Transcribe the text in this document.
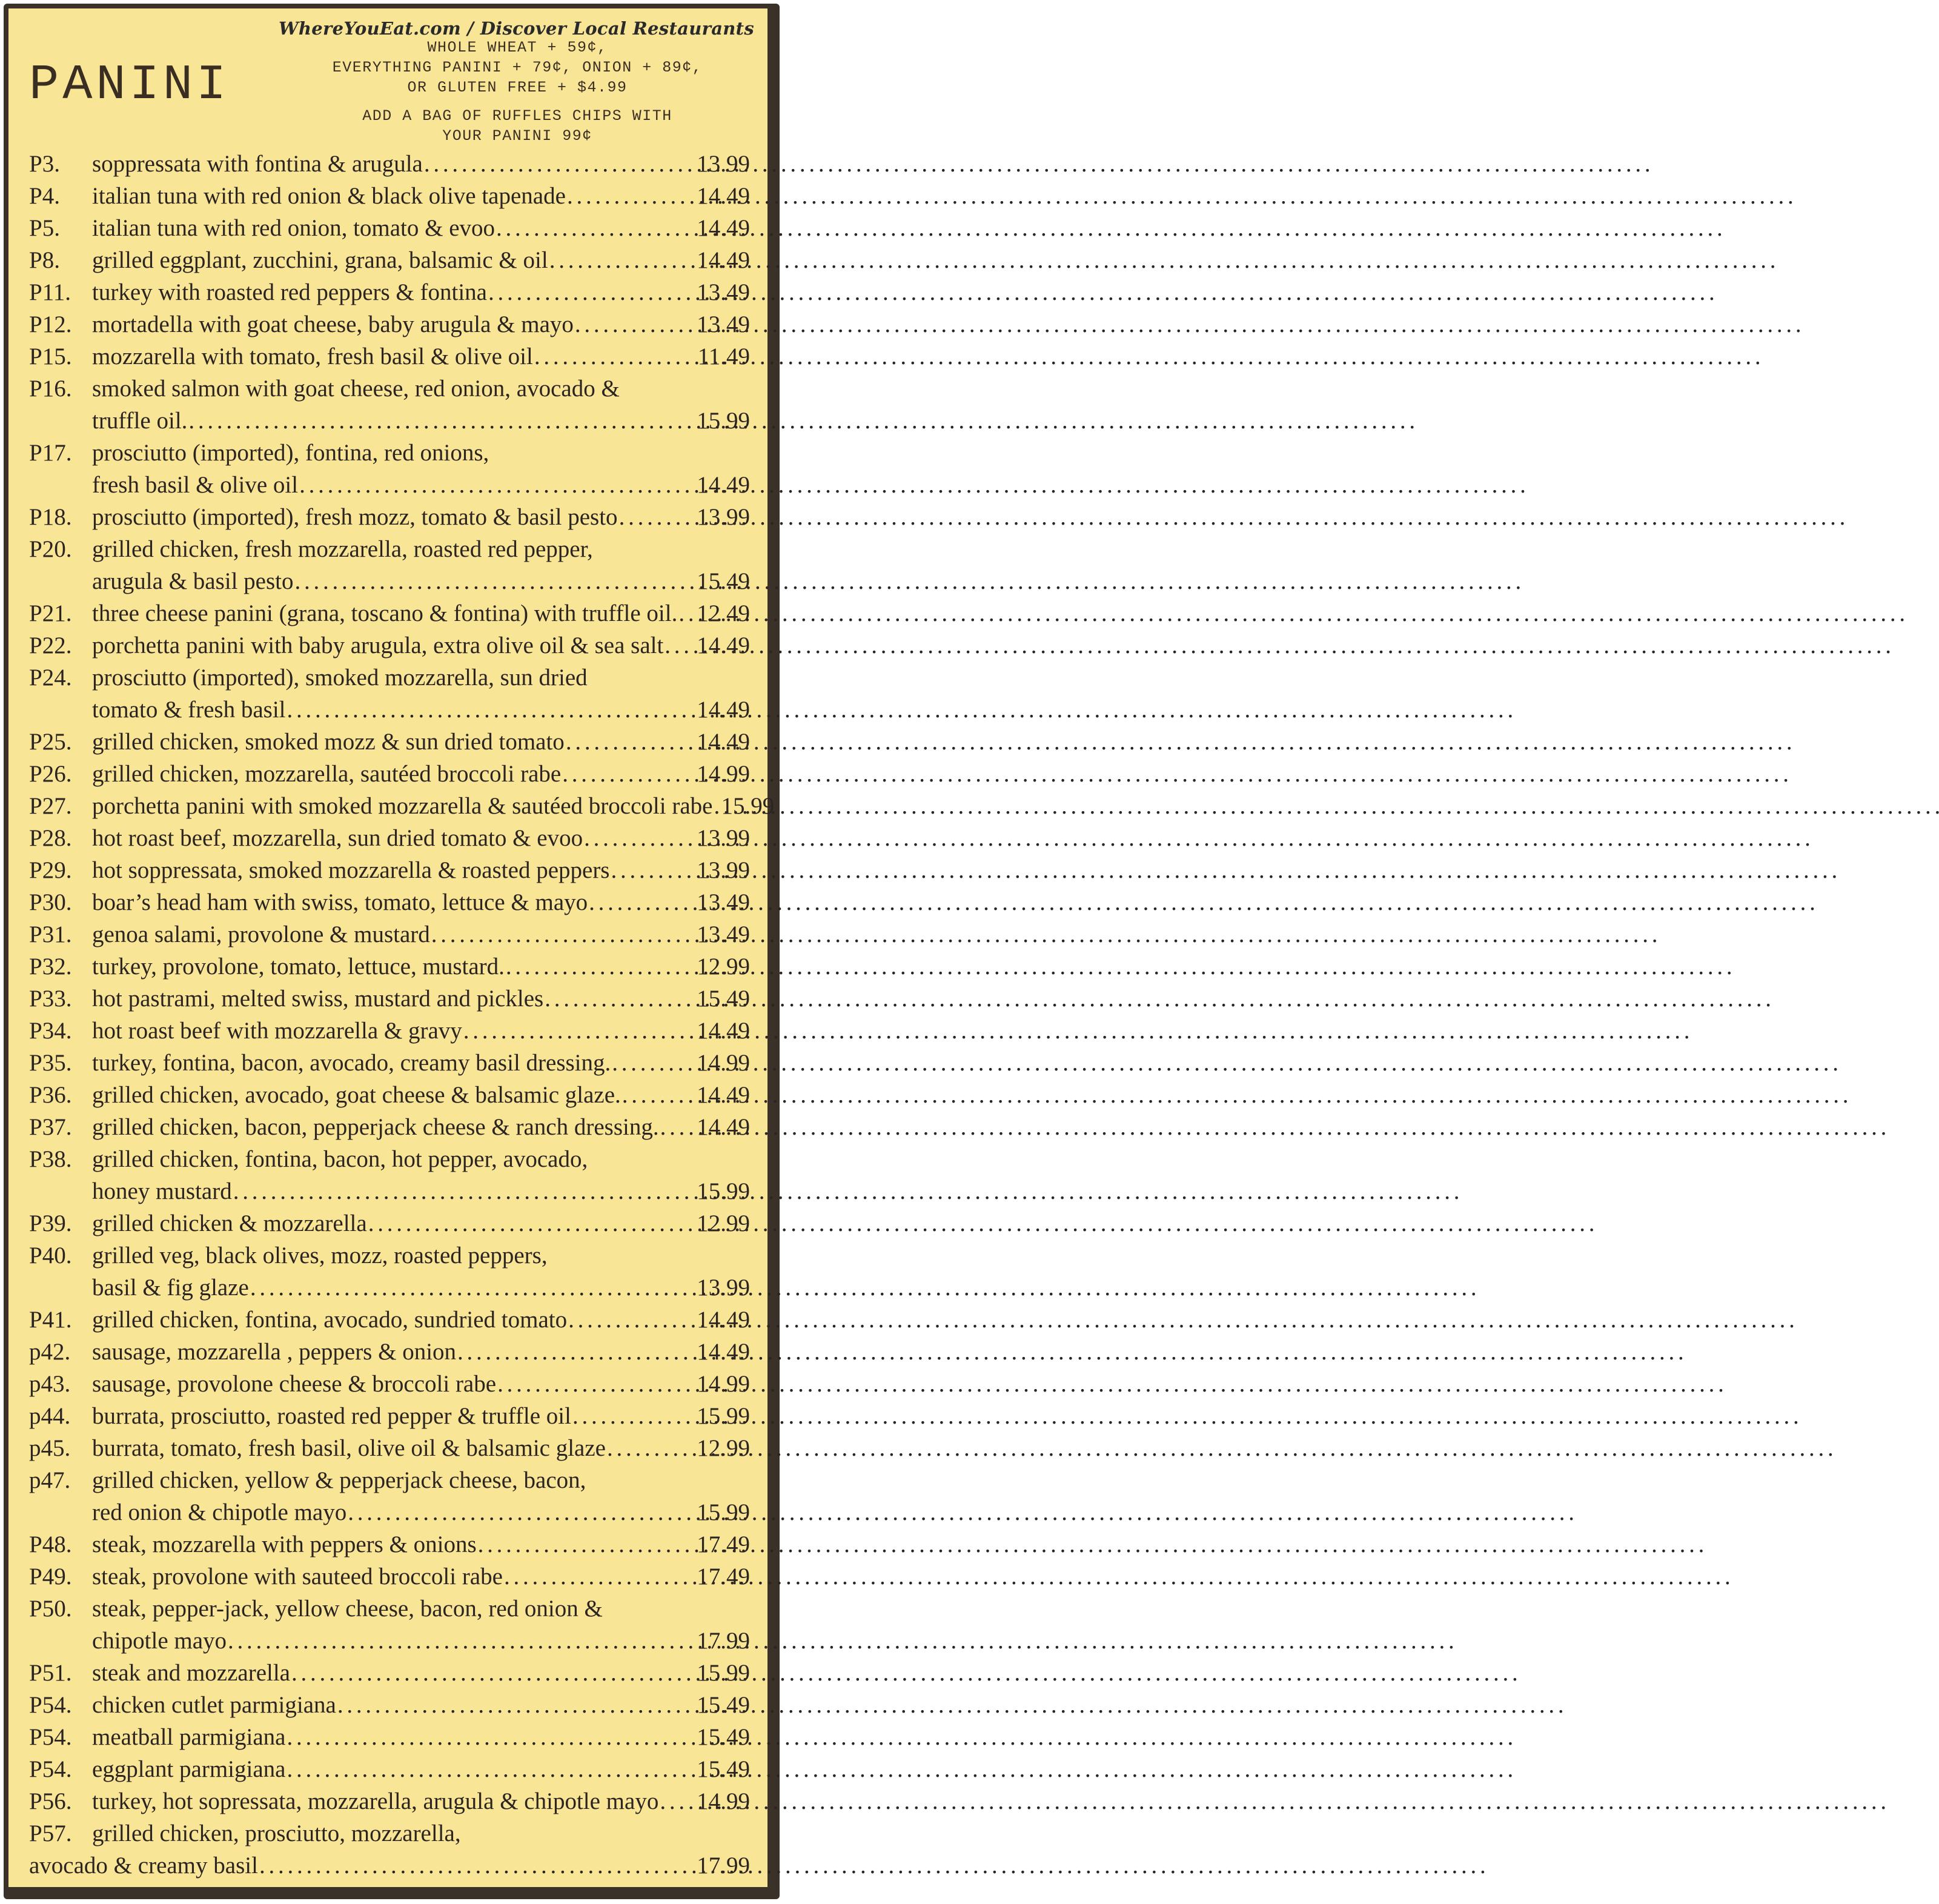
WhereYouEat.com / Discover Local Restaurants
PANINI
WHOLE WHEAT + 59¢,
EVERYTHING PANINI + 79¢, ONION + 89¢,
OR GLUTEN FREE + $4.99
ADD A BAG OF RUFFLES CHIPS WITH
YOUR PANINI 99¢
P3.	soppressata with fontina & arugula . . .	13.99
P4.	italian tuna with red onion & black olive tapenade . . .	14.49
P5.	italian tuna with red onion, tomato & evoo . . .	14.49
P8.	grilled eggplant, zucchini, grana, balsamic & oil . . .	14.49
P11. turkey with roasted red peppers & fontina . . .	13.49
P12. mortadella with goat cheese, baby arugula & mayo . . .	13.49
P15. mozzarella with tomato, fresh basil & olive oil . . .	11.49
P16. smoked salmon with goat cheese, red onion, avocado &
truffle oil. . . .	15.99
P17. prosciutto (imported), fontina, red onions,
fresh basil & olive oil . . .	14.49
P18. prosciutto (imported), fresh mozz, tomato & basil pesto . . .	13.99
P20. grilled chicken, fresh mozzarella, roasted red pepper,
arugula & basil pesto . . .	15.49
P21. three cheese panini (grana, toscano & fontina) with truffle oil. . . . 12.49
P22. porchetta panini with baby arugula, extra olive oil & sea salt . . . 14.49
P24. prosciutto (imported), smoked mozzarella, sun dried
tomato & fresh basil . . .	14.49
P25. grilled chicken, smoked mozz & sun dried tomato . . .	14.49
P26. grilled chicken, mozzarella, sautéed broccoli rabe . . .	14.99
P27. porchetta panini with smoked mozzarella & sautéed broccoli rabe . . . 15.99
P28. hot roast beef, mozzarella, sun dried tomato & evoo . . .	13.99
P29. hot soppressata, smoked mozzarella & roasted peppers . . .	13.99
P30. boar’s head ham with swiss, tomato, lettuce & mayo . . .	13.49
P31. genoa salami, provolone & mustard . . .	13.49
P32. turkey, provolone, tomato, lettuce, mustard. . . .	12.99
P33. hot pastrami, melted swiss, mustard and pickles . . .	15.49
P34. hot roast beef with mozzarella & gravy . . .	14.49
P35. turkey, fontina, bacon, avocado, creamy basil dressing. . . .	14.99
P36. grilled chicken, avocado, goat cheese & balsamic glaze. . . .	14.49
P37. grilled chicken, bacon, pepperjack cheese & ranch dressing. . . . 14.49
P38. grilled chicken, fontina, bacon, hot pepper, avocado,
honey mustard . . .	15.99
P39. grilled chicken & mozzarella . . .	12.99
P40. grilled veg, black olives, mozz, roasted peppers,
basil & fig glaze . . .	13.99
P41. grilled chicken, fontina, avocado, sundried tomato . . .	14.49
p42. sausage, mozzarella , peppers & onion . . .	14.49
p43. sausage, provolone cheese & broccoli rabe . . .	14.99
p44. burrata, prosciutto, roasted red pepper & truffle oil . . .	15.99
p45. burrata, tomato, fresh basil, olive oil & balsamic glaze . . .	12.99
p47. grilled chicken, yellow & pepperjack cheese, bacon,
red onion & chipotle mayo . . .	15.99
P48. steak, mozzarella with peppers & onions . . .	17.49
P49. steak, provolone with sauteed broccoli rabe . . .	17.49
P50. steak, pepper-jack, yellow cheese, bacon, red onion &
chipotle mayo . . .	17.99
P51. steak and mozzarella . . .	15.99
P54. chicken cutlet parmigiana . . .	15.49
P54. meatball parmigiana . . .	15.49
P54. eggplant parmigiana . . .	15.49
P56. turkey, hot sopressata, mozzarella, arugula & chipotle mayo . . . 14.99
P57. grilled chicken, prosciutto, mozzarella,
avocado & creamy basil . . .	17.99
